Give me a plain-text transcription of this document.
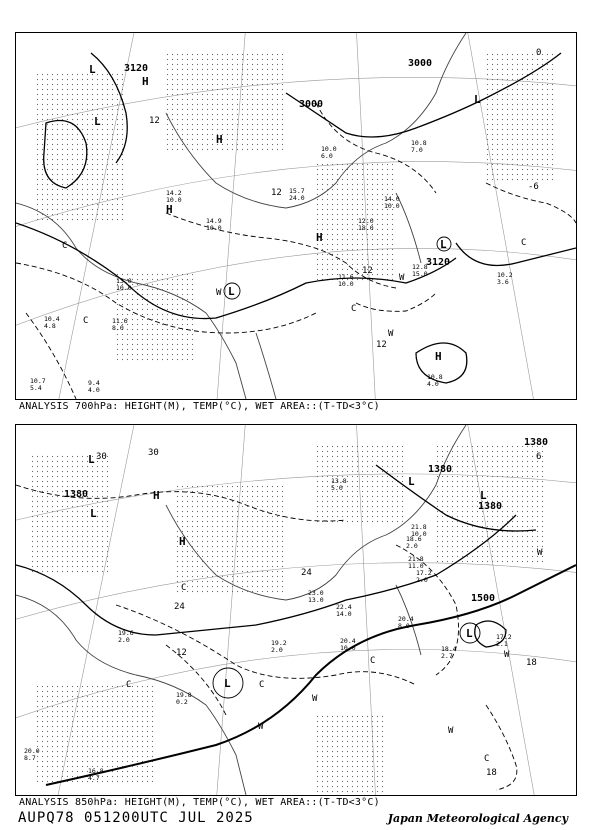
3120
3000
3000
3120
L
L
L
L
L
H
H
H
H
H
C
C
C
C
W
W
W
12
12
12
12
-6
0
15.7
24.0
14.9
10.0
11.6
10.0
12.8
15.0	10.2
3.6
10.8
4.0
14.2
10.0
12.0
18.0
9.4
4.0
10.7
5.4
10.4
4.8
10.8
7.0
13.0
10.0
11.6
8.0
14.0
10.0
10.0
6.0
ANALYSIS 700hPa: HEIGHT(M), TEMP(°C), WET AREA::(T-TD<3°C)
1380
1380
1380
1500
1380
L
L
L
L
L
L
H
H
C
C	C
C
C
W
W	W
W
W
30	30
24
24
18
18
6
12
21.8
10.0
23.0
13.0
20.4
10.0
20.4
8.0
18.4
2.7
17.2
2.1
19.6
2.0
19.8
0.2
16.8
4.7
20.0
8.7
21.8
11.0
13.8
5.0
19.2
2.0
18.6
2.0
22.4
14.0
17.2
2.0
ANALYSIS 850hPa: HEIGHT(M), TEMP(°C), WET AREA::(T-TD<3°C)
AUPQ78 051200UTC JUL 2025	Japan Meteorological Agency
